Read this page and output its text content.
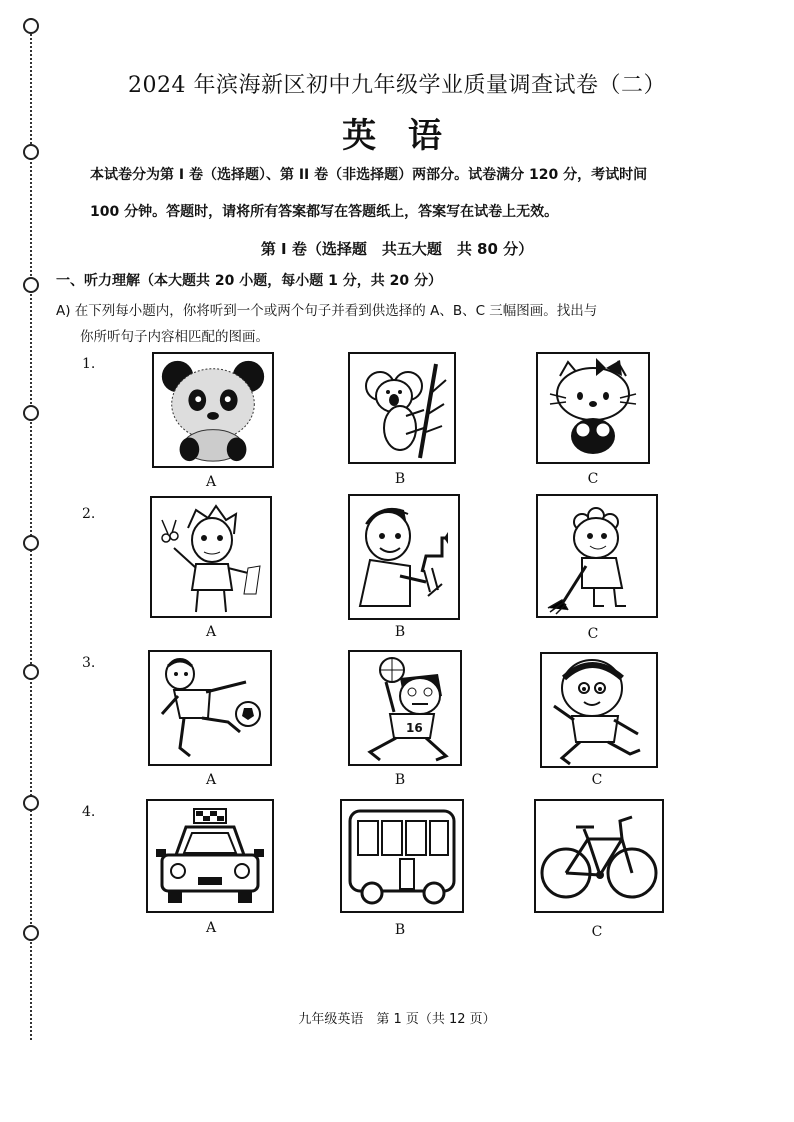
2024 年滨海新区初中九年级学业质量调查试卷（二）
英 语
本试卷分为第 I 卷（选择题）、第 II 卷（非选择题）两部分。试卷满分 120 分，考试时间
100 分钟。答题时，请将所有答案都写在答题纸上，答案写在试卷上无效。
第 I 卷（选择题　共五大题　共 80 分）
一、听力理解（本大题共 20 小题，每小题 1 分，共 20 分）
A) 在下列每小题内，你将听到一个或两个句子并看到供选择的 A、B、C 三幅图画。找出与
你所听句子内容相匹配的图画。
1.
A	B	C
2.
A	B	C
3.
16
A	B	C
4.
A	B	C
九年级英语　第 1 页（共 12 页）
